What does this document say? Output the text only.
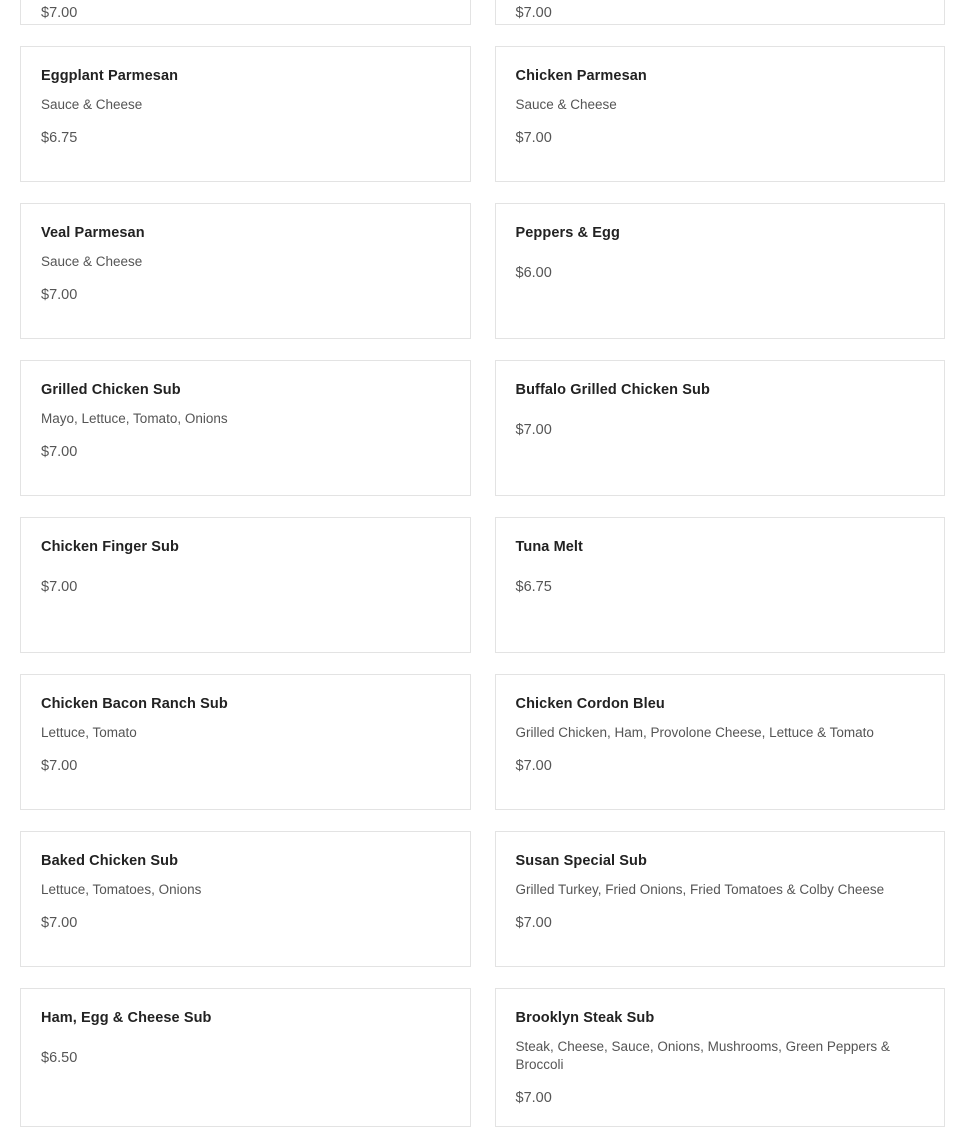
$7.00	$7.00

Eggplant Parmesan

Sauce & Cheese

$6.75

Chicken Parmesan

Sauce & Cheese

$7.00

Veal Parmesan

Sauce & Cheese

$7.00

Peppers & Egg

$6.00

Grilled Chicken Sub

Mayo, Lettuce, Tomato, Onions

$7.00

Buffalo Grilled Chicken Sub

$7.00

Chicken Finger Sub

$7.00

Tuna Melt

$6.75

Chicken Bacon Ranch Sub

Lettuce, Tomato

$7.00

Chicken Cordon Bleu

Grilled Chicken, Ham, Provolone Cheese, Lettuce & Tomato

$7.00

Baked Chicken Sub

Lettuce, Tomatoes, Onions

$7.00

Susan Special Sub

Grilled Turkey, Fried Onions, Fried Tomatoes & Colby Cheese

$7.00

Ham, Egg & Cheese Sub

$6.50

Brooklyn Steak Sub

Steak, Cheese, Sauce, Onions, Mushrooms, Green Peppers & Broccoli

$7.00
